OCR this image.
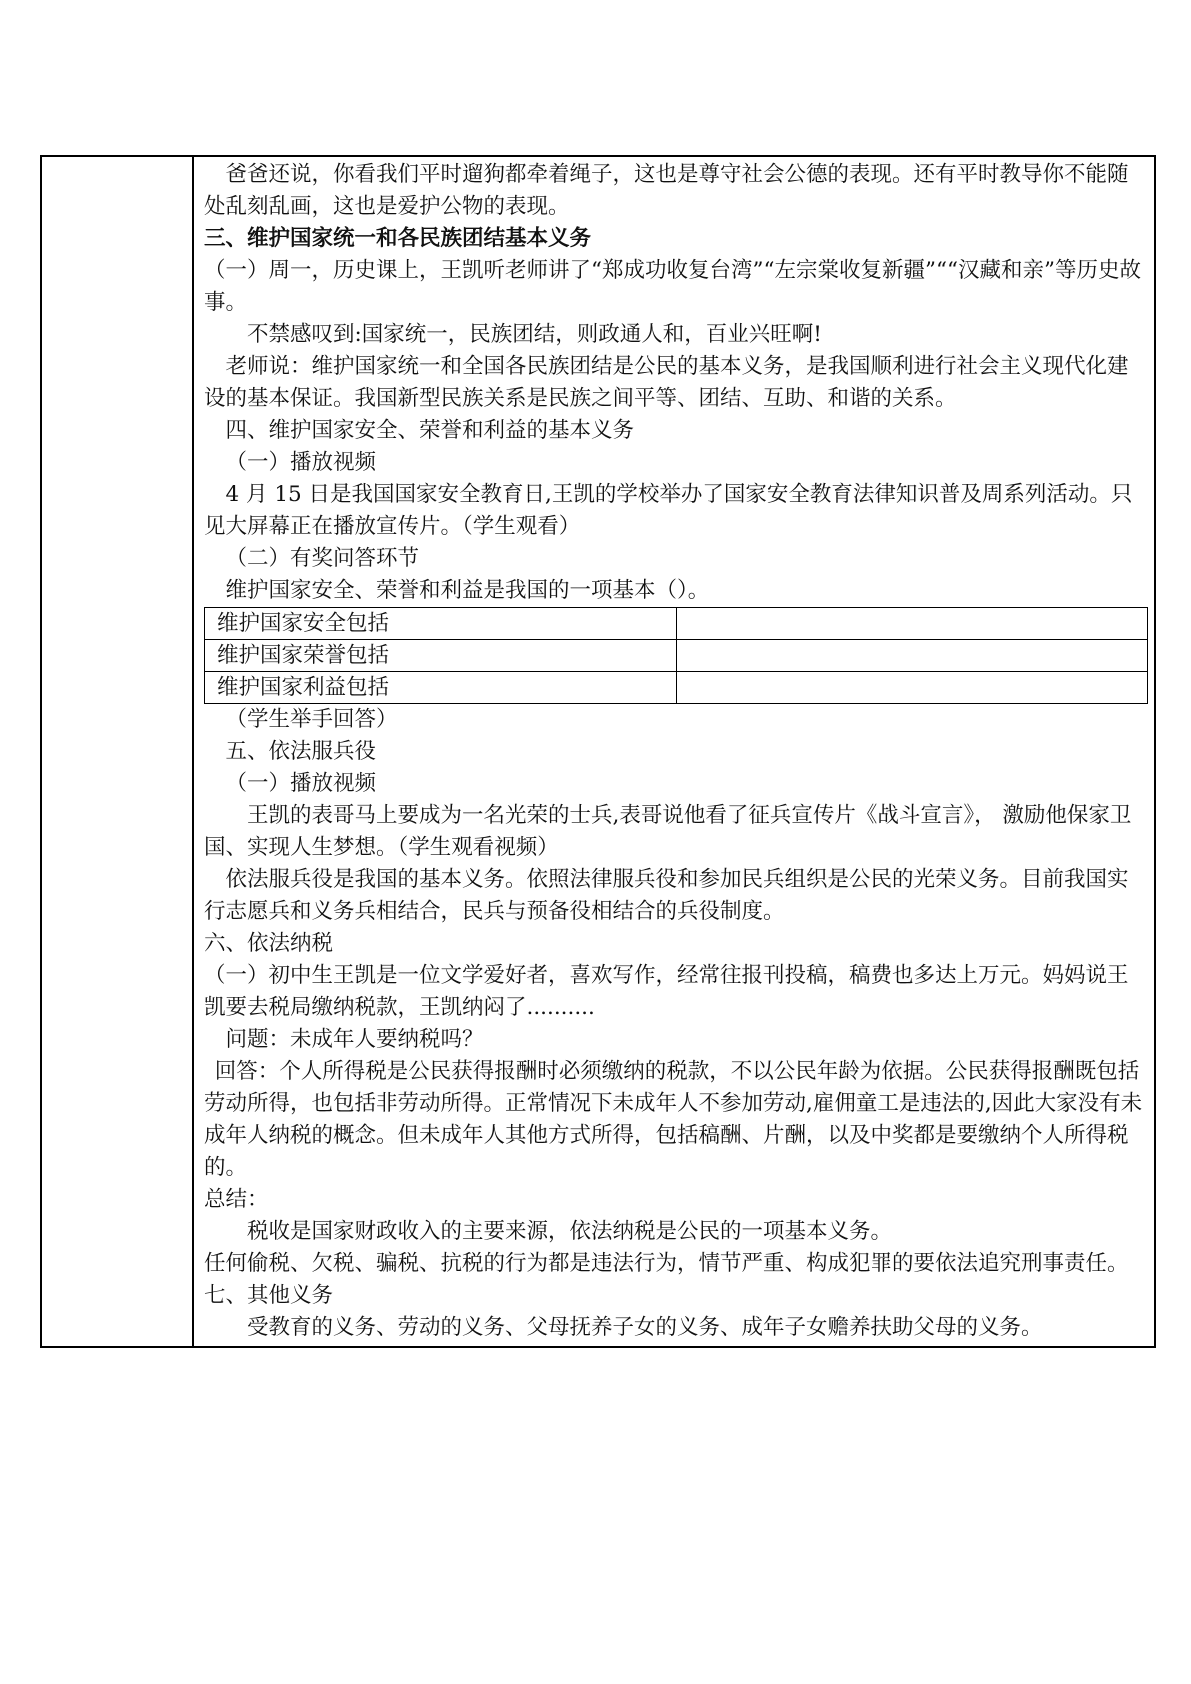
爸爸还说，你看我们平时遛狗都牵着绳子，这也是尊守社会公德的表现。还有平时教导你不能随处乱刻乱画，这也是爱护公物的表现。

三、维护国家统一和各民族团结基本义务

（一）周一，历史课上，王凯听老师讲了“郑成功收复台湾”“左宗棠收复新疆”““汉藏和亲”等历史故事。

不禁感叹到:国家统一，民族团结，则政通人和，百业兴旺啊!

老师说：维护国家统一和全国各民族团结是公民的基本义务，是我国顺利进行社会主义现代化建设的基本保证。我国新型民族关系是民族之间平等、团结、互助、和谐的关系。

四、维护国家安全、荣誉和利益的基本义务

（一）播放视频

4 月 15 日是我国国家安全教育日,王凯的学校举办了国家安全教育法律知识普及周系列活动。只见大屏幕正在播放宣传片。（学生观看）

（二）有奖问答环节

维护国家安全、荣誉和利益是我国的一项基本（）。

维护国家安全包括	
维护国家荣誉包括	
维护国家利益包括	

（学生举手回答）

五、依法服兵役

（一）播放视频

王凯的表哥马上要成为一名光荣的士兵,表哥说他看了征兵宣传片《战斗宣言》， 激励他保家卫国、实现人生梦想。（学生观看视频）

依法服兵役是我国的基本义务。依照法律服兵役和参加民兵组织是公民的光荣义务。目前我国实行志愿兵和义务兵相结合，民兵与预备役相结合的兵役制度。

六、依法纳税

（一）初中生王凯是一位文学爱好者，喜欢写作，经常往报刊投稿，稿费也多达上万元。妈妈说王凯要去税局缴纳税款，王凯纳闷了..........

问题：未成年人要纳税吗？

回答：个人所得税是公民获得报酬时必须缴纳的税款，不以公民年龄为依据。公民获得报酬既包括劳动所得，也包括非劳动所得。正常情况下未成年人不参加劳动,雇佣童工是违法的,因此大家没有未成年人纳税的概念。但未成年人其他方式所得，包括稿酬、片酬，以及中奖都是要缴纳个人所得税的。

总结：

税收是国家财政收入的主要来源，依法纳税是公民的一项基本义务。

任何偷税、欠税、骗税、抗税的行为都是违法行为，情节严重、构成犯罪的要依法追究刑事责任。

七、其他义务

受教育的义务、劳动的义务、父母抚养子女的义务、成年子女赡养扶助父母的义务。
